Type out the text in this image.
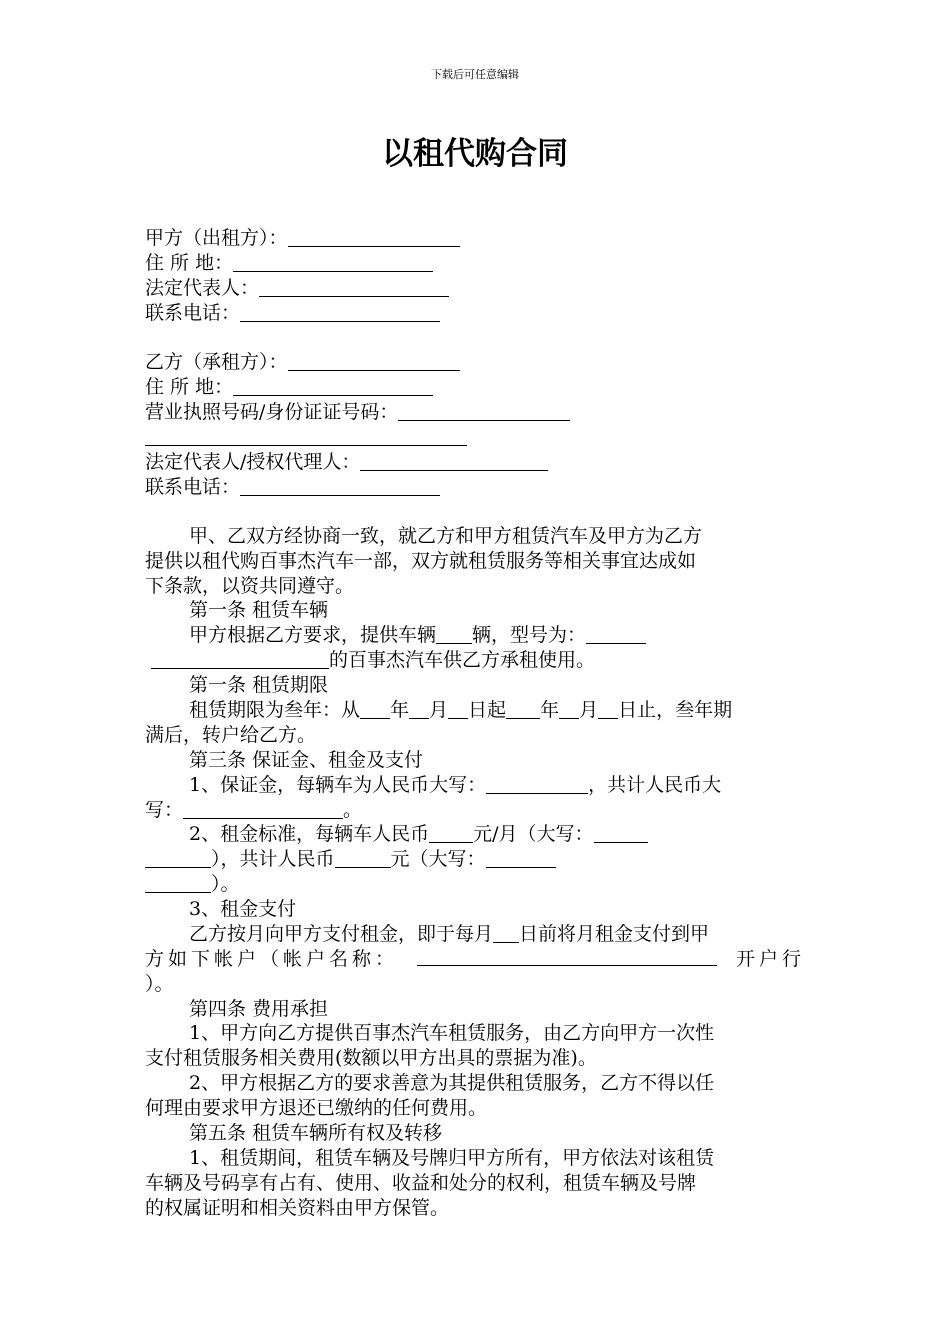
下载后可任意编辑
以租代购合同
甲方（出租方）：
住 所 地：
法定代表人：
联系电话：
乙方（承租方）：
住 所 地：
营业执照号码/身份证证号码：
法定代表人/授权代理人：
联系电话：
甲、乙双方经协商一致，就乙方和甲方租赁汽车及甲方为乙方
提供以租代购百事杰汽车一部，双方就租赁服务等相关事宜达成如
下条款，以资共同遵守。
第一条 租赁车辆
甲方根据乙方要求，提供车辆 辆，型号为：
的百事杰汽车供乙方承租使用。
第一条 租赁期限
租赁期限为叁年：从 年 月 日起 年 月 日止，叁年期
满后，转户给乙方。
第三条 保证金、租金及支付
1、保证金，每辆车为人民币大写：	，共计人民币大
写：	。
2、租金标准，每辆车人民币 元/月（大写：
），共计人民币	元（大写：
）。
3、租金支付
乙方按月向甲方支付租金，即于每月 日前将月租金支付到甲
方如下帐户（帐户名称：	开户行
）。
第四条 费用承担
1、甲方向乙方提供百事杰汽车租赁服务，由乙方向甲方一次性
支付租赁服务相关费用(数额以甲方出具的票据为准)。
2、甲方根据乙方的要求善意为其提供租赁服务，乙方不得以任
何理由要求甲方退还已缴纳的任何费用。
第五条 租赁车辆所有权及转移
1、租赁期间，租赁车辆及号牌归甲方所有，甲方依法对该租赁
车辆及号码享有占有、使用、收益和处分的权利，租赁车辆及号牌
的权属证明和相关资料由甲方保管。
